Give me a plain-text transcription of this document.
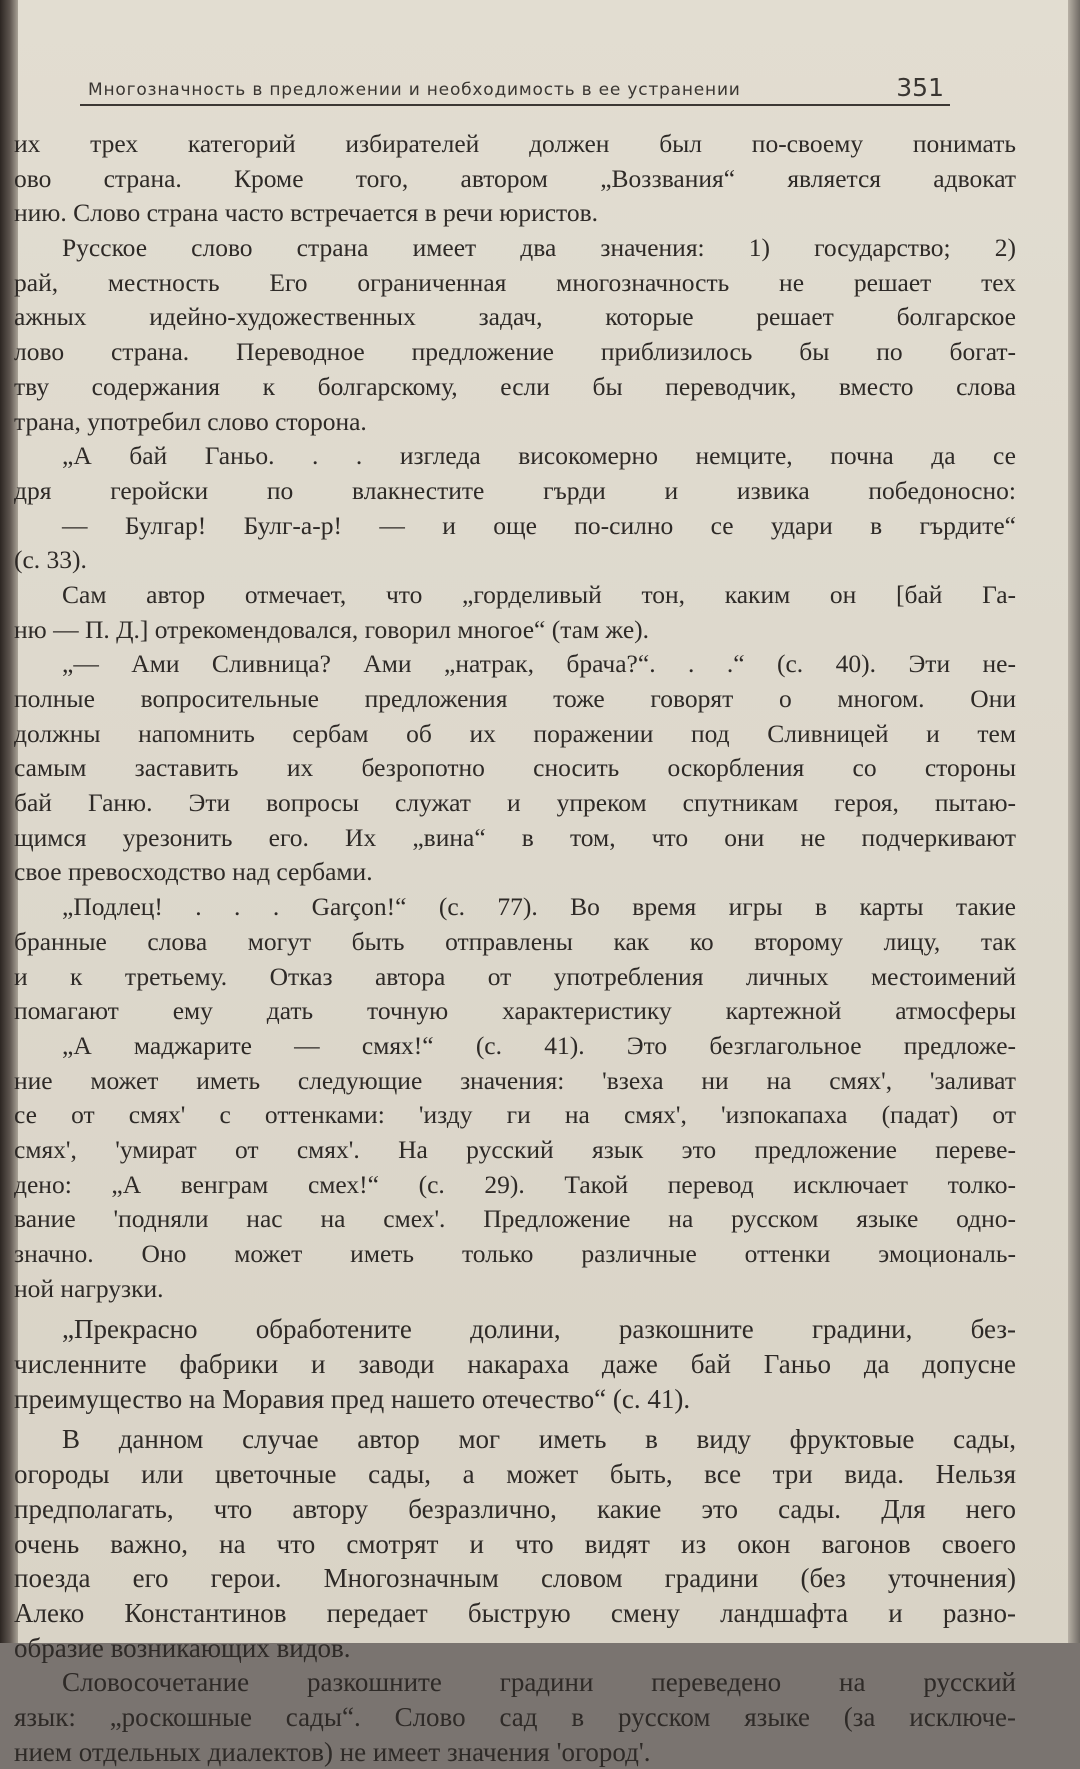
Многозначность в предложении и необходимость в ее устранении	351
их трех категорий избирателей должен был по-своему понимать
ово страна. Кроме того, автором „Воззвания“ является адвокат
нию. Слово страна часто встречается в речи юристов.
Русское слово страна имеет два значения: 1) государство; 2)
рай, местность Его ограниченная многозначность не решает тех
ажных идейно-художественных задач, которые решает болгарское
лово страна. Переводное предложение приблизилось бы по богат-
тву содержания к болгарскому, если бы переводчик, вместо слова
трана, употребил слово сторона.
„А бай Ганьо. . . изгледа високомерно немците, почна да се
дря геройски по влакнестите гърди и извика победоносно:
— Булгар! Булг-а-р! — и още по-силно се удари в гърдите“
(с. 33).
Сам автор отмечает, что „горделивый тон, каким он [бай Га-
ню — П. Д.] отрекомендовался, говорил многое“ (там же).
„— Ами Сливница? Ами „натрак, брача?“. . .“ (с. 40). Эти не-
полные вопросительные предложения тоже говорят о многом. Они
должны напомнить сербам об их поражении под Сливницей и тем
самым заставить их безропотно сносить оскорбления со стороны
бай Ганю. Эти вопросы служат и упреком спутникам героя, пытаю-
щимся урезонить его. Их „вина“ в том, что они не подчеркивают
свое превосходство над сербами.
„Подлец! . . . Garçon!“ (с. 77). Во время игры в карты такие
бранные слова могут быть отправлены как ко второму лицу, так
и к третьему. Отказ автора от употребления личных местоимений
помагают ему дать точную характеристику картежной атмосферы
„А маджарите — смях!“ (с. 41). Это безглагольное предложе-
ние может иметь следующие значения: 'взеха ни на смях', 'заливат
се от смях' с оттенками: 'изду ги на смях', 'изпокапаха (падат) от
смях', 'умират от смях'. На русский язык это предложение переве-
дено: „А венграм смех!“ (с. 29). Такой перевод исключает толко-
вание 'подняли нас на смех'. Предложение на русском языке одно-
значно. Оно может иметь только различные оттенки эмоциональ-
ной нагрузки.
„Прекрасно обработените долини, разкошните градини, без-
численните фабрики и заводи накараха даже бай Ганьо да допусне
преимущество на Моравия пред нашето отечество“ (с. 41).
В данном случае автор мог иметь в виду фруктовые сады,
огороды или цветочные сады, а может быть, все три вида. Нельзя
предполагать, что автору безразлично, какие это сады. Для него
очень важно, на что смотрят и что видят из окон вагонов своего
поезда его герои. Многозначным словом градини (без уточнения)
Алеко Константинов передает быструю смену ландшафта и разно-
образие возникающих видов.
Словосочетание разкошните градини переведено на русский
язык: „роскошные сады“. Слово сад в русском языке (за исключе-
нием отдельных диалектов) не имеет значения 'огород'.
